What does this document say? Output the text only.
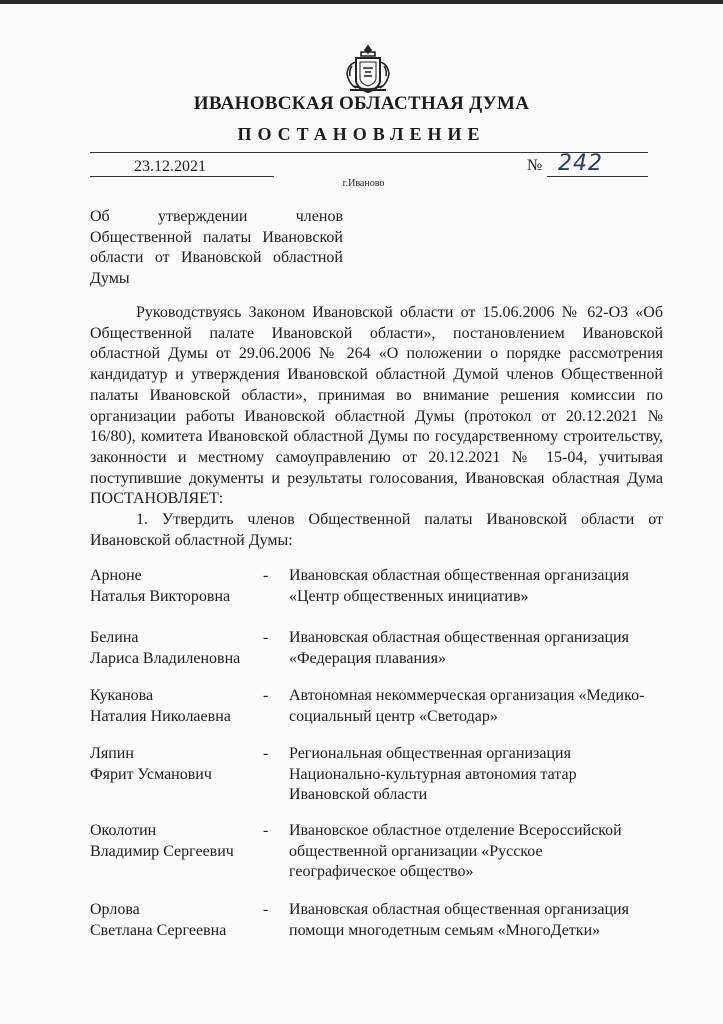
ИВАНОВСКАЯ ОБЛАСТНАЯ ДУМА
ПОСТАНОВЛЕНИЕ
23.12.2021	№ 242
г.Иваново

Об утверждении членов Общественной палаты Ивановской области от Ивановской областной Думы

Руководствуясь Законом Ивановской области от 15.06.2006 № 62-ОЗ «Об Общественной палате Ивановской области», постановлением Ивановской областной Думы от 29.06.2006 № 264 «О положении о порядке рассмотрения кандидатур и утверждения Ивановской областной Думой членов Общественной палаты Ивановской области», принимая во внимание решения комиссии по организации работы Ивановской областной Думы (протокол от 20.12.2021 № 16/80), комитета Ивановской областной Думы по государственному строительству, законности и местному самоуправлению от 20.12.2021 № 15-04, учитывая поступившие документы и результаты голосования, Ивановская областная Дума ПОСТАНОВЛЯЕТ:

1. Утвердить членов Общественной палаты Ивановской области от Ивановской областной Думы:

Арноне
Наталья Викторовна
- Ивановская областная общественная организация
«Центр общественных инициатив»
Белина
Лариса Владиленовна
- Ивановская областная общественная организация
«Федерация плавания»
Куканова
Наталия Николаевна
- Автономная некоммерческая организация «Медико-
социальный центр «Светодар»
Ляпин
Фярит Усманович
- Региональная общественная организация
Национально-культурная автономия татар
Ивановской области
Околотин
Владимир Сергеевич
- Ивановское областное отделение Всероссийской
общественной организации «Русское
географическое общество»
Орлова
Светлана Сергеевна
- Ивановская областная общественная организация
помощи многодетным семьям «МногоДетки»
